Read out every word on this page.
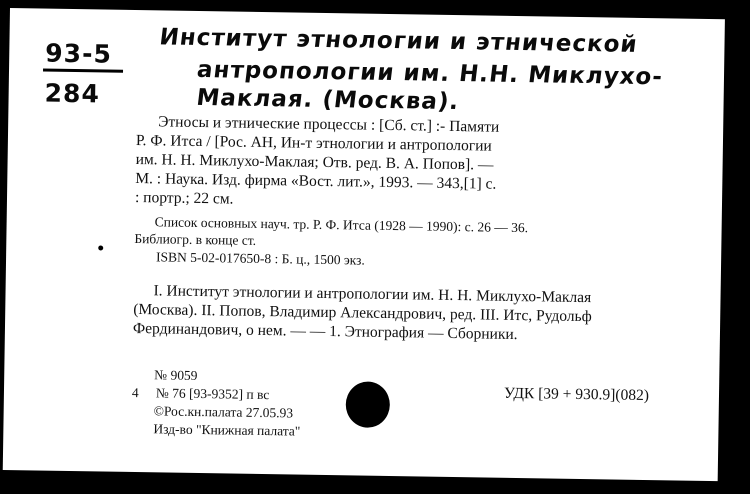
93-5
284
Институт этнологии и этнической
антропологии им. Н.Н. Миклухо-
Маклая. (Москва).
Этносы и этнические процессы : [Сб. ст.] :- Памяти
Р. Ф. Итса / [Рос. АН, Ин-т этнологии и антропологии
им. Н. Н. Миклухо-Маклая; Отв. ред. В. А. Попов]. —
М. : Наука. Изд. фирма «Вост. лит.», 1993. — 343,[1] с.
: портр.; 22 см.
Список основных науч. тр. Р. Ф. Итса (1928 — 1990): с. 26 — 36.
Библиогр. в конце ст.
ISBN 5-02-017650-8 : Б. ц., 1500 экз.
I. Институт этнологии и антропологии им. Н. Н. Миклухо-Маклая
(Москва). II. Попов, Владимир Александрович, ред. III. Итс, Рудольф
Фердинандович, о нем. — — 1. Этнография — Сборники.
№ 9059
4 № 76 [93-9352] п вс
©Рос.кн.палата 27.05.93
Изд-во "Книжная палата"
УДК [39 + 930.9](082)
